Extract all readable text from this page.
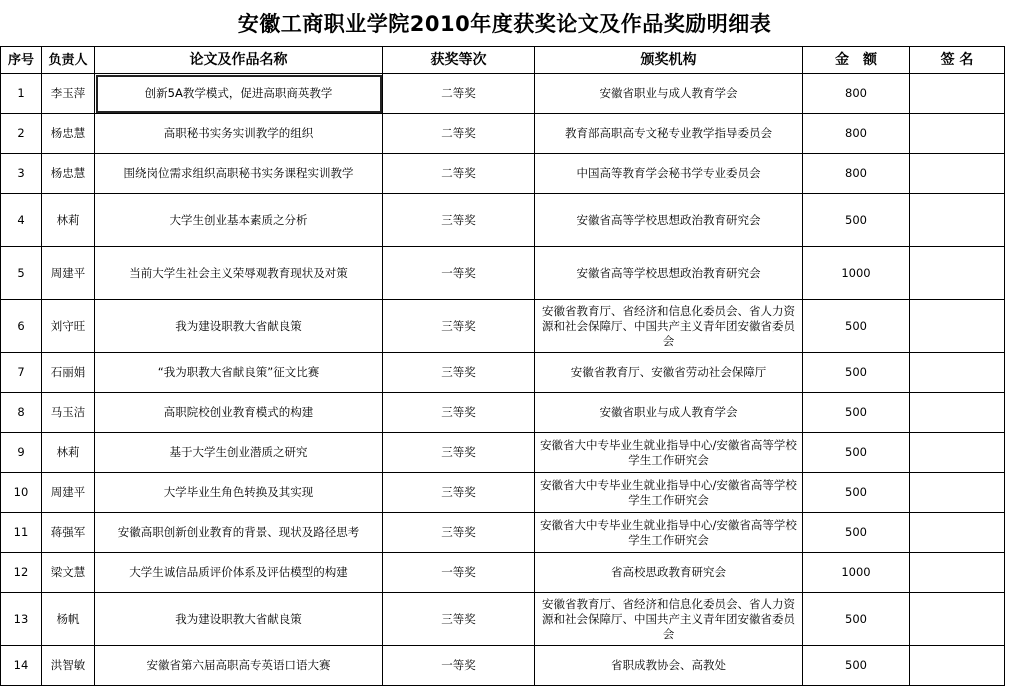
安徽工商职业学院2010年度获奖论文及作品奖励明细表
序号	负责人	论文及作品名称	获奖等次	颁奖机构	金　额	签 名
1	李玉萍	创新5A教学模式，促进高职商英教学	二等奖	安徽省职业与成人教育学会	800	
2	杨忠慧	高职秘书实务实训教学的组织	二等奖	教育部高职高专文秘专业教学指导委员会	800	
3	杨忠慧	围绕岗位需求组织高职秘书实务课程实训教学	二等奖	中国高等教育学会秘书学专业委员会	800	
4	林莉	大学生创业基本素质之分析	三等奖	安徽省高等学校思想政治教育研究会	500	
5	周建平	当前大学生社会主义荣辱观教育现状及对策	一等奖	安徽省高等学校思想政治教育研究会	1000	
6	刘守旺	我为建设职教大省献良策	三等奖	安徽省教育厅、省经济和信息化委员会、省人力资源和社会保障厅、中国共产主义青年团安徽省委员会	500	
7	石丽娟	“我为职教大省献良策”征文比赛	三等奖	安徽省教育厅、安徽省劳动社会保障厅	500	
8	马玉洁	高职院校创业教育模式的构建	三等奖	安徽省职业与成人教育学会	500	
9	林莉	基于大学生创业潜质之研究	三等奖	安徽省大中专毕业生就业指导中心/安徽省高等学校学生工作研究会	500	
10	周建平	大学毕业生角色转换及其实现	三等奖	安徽省大中专毕业生就业指导中心/安徽省高等学校学生工作研究会	500	
11	蒋强军	安徽高职创新创业教育的背景、现状及路径思考	三等奖	安徽省大中专毕业生就业指导中心/安徽省高等学校学生工作研究会	500	
12	梁文慧	大学生诚信品质评价体系及评估模型的构建	一等奖	省高校思政教育研究会	1000	
13	杨帆	我为建设职教大省献良策	三等奖	安徽省教育厅、省经济和信息化委员会、省人力资源和社会保障厅、中国共产主义青年团安徽省委员会	500	
14	洪智敏	安徽省第六届高职高专英语口语大赛	一等奖	省职成教协会、高教处	500	
